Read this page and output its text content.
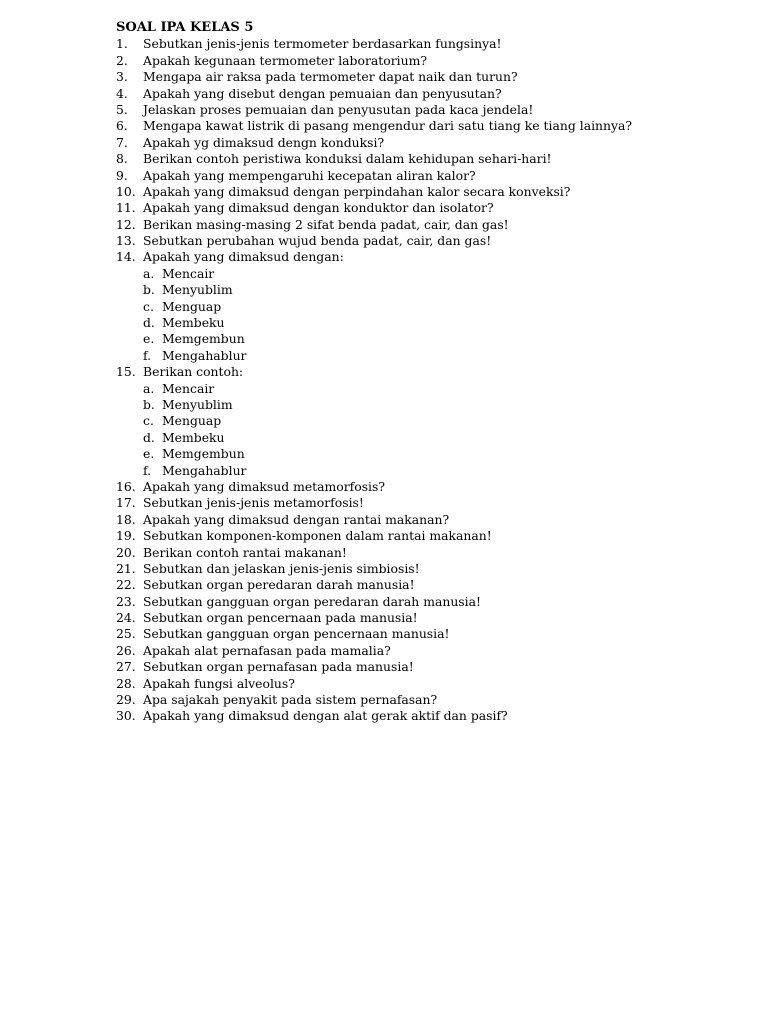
SOAL IPA KELAS 5
1. Sebutkan jenis-jenis termometer berdasarkan fungsinya!
2. Apakah kegunaan termometer laboratorium?
3. Mengapa air raksa pada termometer dapat naik dan turun?
4. Apakah yang disebut dengan pemuaian dan penyusutan?
5. Jelaskan proses pemuaian dan penyusutan pada kaca jendela!
6. Mengapa kawat listrik di pasang mengendur dari satu tiang ke tiang lainnya?
7. Apakah yg dimaksud dengn konduksi?
8. Berikan contoh peristiwa konduksi dalam kehidupan sehari-hari!
9. Apakah yang mempengaruhi kecepatan aliran kalor?
10. Apakah yang dimaksud dengan perpindahan kalor secara konveksi?
11. Apakah yang dimaksud dengan konduktor dan isolator?
12. Berikan masing-masing 2 sifat benda padat, cair, dan gas!
13. Sebutkan perubahan wujud benda padat, cair, dan gas!
14. Apakah yang dimaksud dengan:
a. Mencair
b. Menyublim
c. Menguap
d. Membeku
e. Memgembun
f. Mengahablur
15. Berikan contoh:
a. Mencair
b. Menyublim
c. Menguap
d. Membeku
e. Memgembun
f. Mengahablur
16. Apakah yang dimaksud metamorfosis?
17. Sebutkan jenis-jenis metamorfosis!
18. Apakah yang dimaksud dengan rantai makanan?
19. Sebutkan komponen-komponen dalam rantai makanan!
20. Berikan contoh rantai makanan!
21. Sebutkan dan jelaskan jenis-jenis simbiosis!
22. Sebutkan organ peredaran darah manusia!
23. Sebutkan gangguan organ peredaran darah manusia!
24. Sebutkan organ pencernaan pada manusia!
25. Sebutkan gangguan organ pencernaan manusia!
26. Apakah alat pernafasan pada mamalia?
27. Sebutkan organ pernafasan pada manusia!
28. Apakah fungsi alveolus?
29. Apa sajakah penyakit pada sistem pernafasan?
30. Apakah yang dimaksud dengan alat gerak aktif dan pasif?
